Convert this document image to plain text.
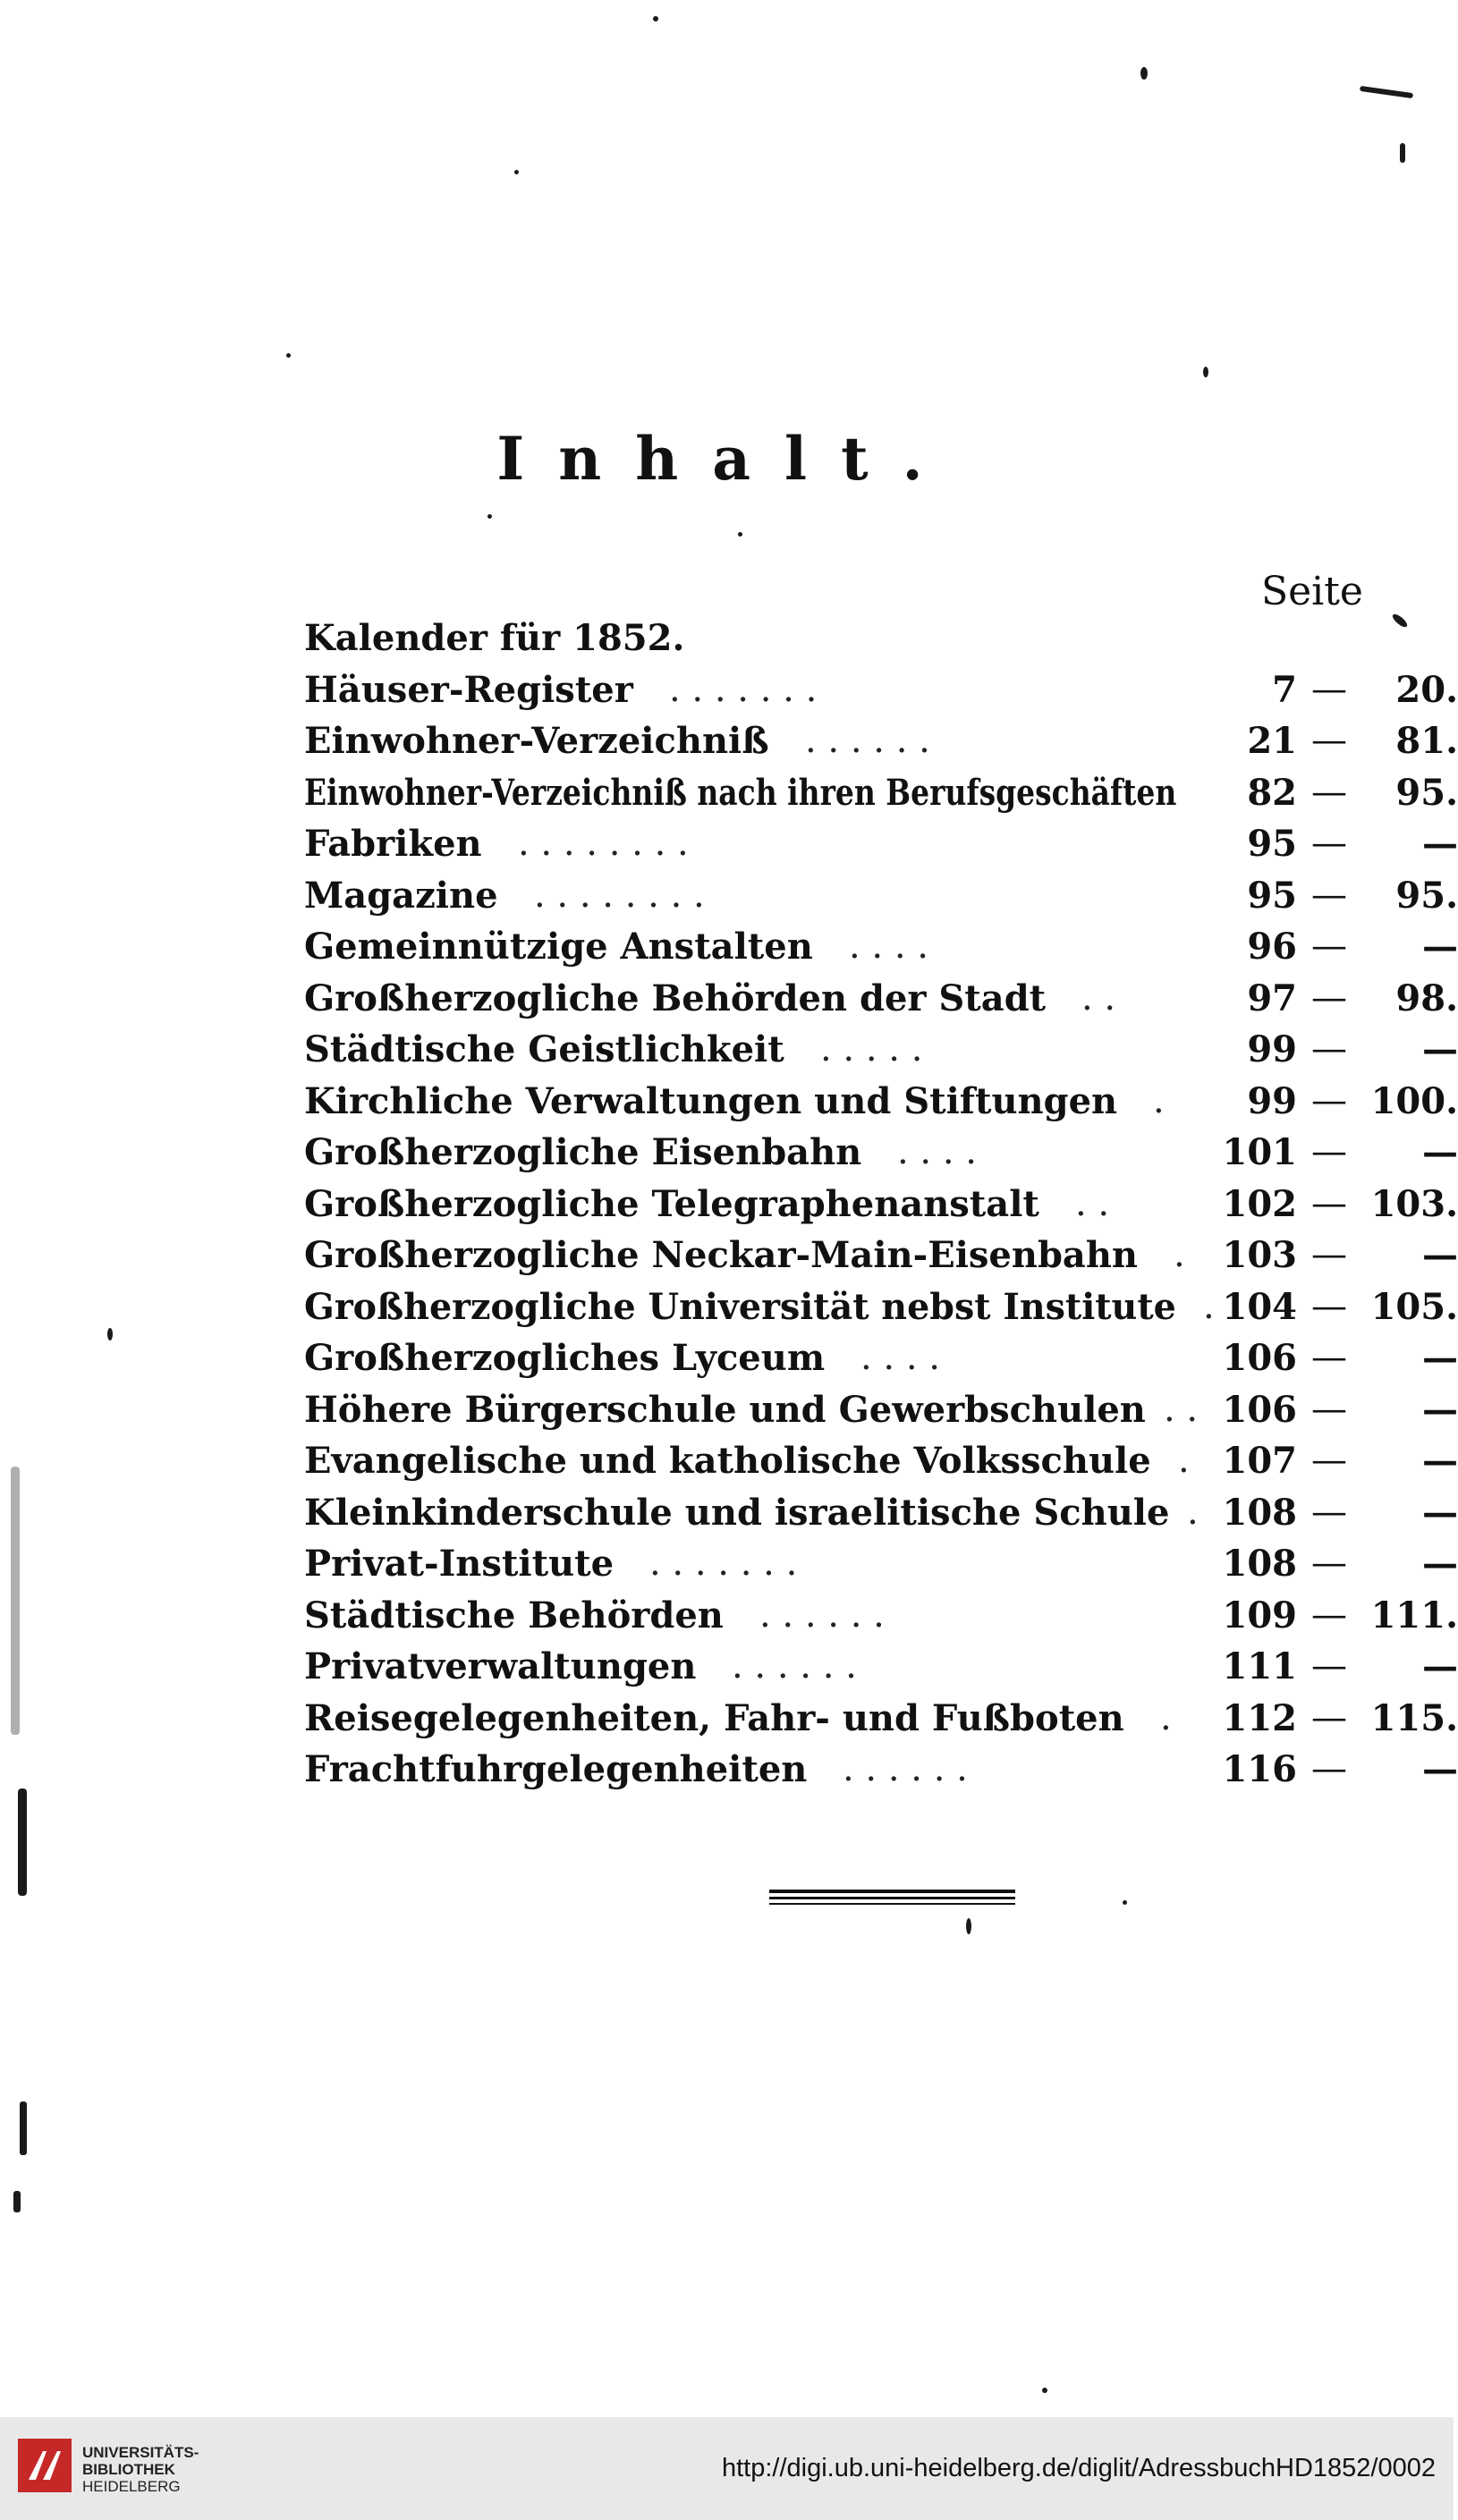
Inhalt.
Seite
Kalender für 1852.
Häuser-Register . . . . . . .	7 —	20.
Einwohner-Verzeichniß . . . . . .	21 —	81.
Einwohner-Verzeichniß nach ihren Berufsgeschäften	82 —	95.
Fabriken . . . . . . . .	95 —	—
Magazine . . . . . . . .	95 —	95.
Gemeinnützige Anstalten . . . .	96 —	—
Großherzogliche Behörden der Stadt . .	97 —	98.
Städtische Geistlichkeit . . . . .	99 —	—
Kirchliche Verwaltungen und Stiftungen .	99 — 100.
Großherzogliche Eisenbahn . . . .	101 —	—
Großherzogliche Telegraphenanstalt . .	102 — 103.
Großherzogliche Neckar-Main-Eisenbahn .	103 —	—
Großherzogliche Universität nebst Institute . 104 — 105.
Großherzogliches Lyceum . . . .	106 —	—
Höhere Bürgerschule und Gewerbschulen . . 106 —	—
Evangelische und katholische Volksschule . 107 —	—
Kleinkinderschule und israelitische Schule . 108 —	—
Privat-Institute . . . . . . .	108 —	—
Städtische Behörden . . . . . .	109 — 111.
Privatverwaltungen . . . . . .	111 —	—
Reisegelegenheiten, Fahr- und Fußboten .	112 — 115.
Frachtfuhrgelegenheiten . . . . . .	116 —	—
UNIVERSITÄTS-
BIBLIOTHEK
HEIDELBERG
http://digi.ub.uni-heidelberg.de/diglit/AdressbuchHD1852/0002
